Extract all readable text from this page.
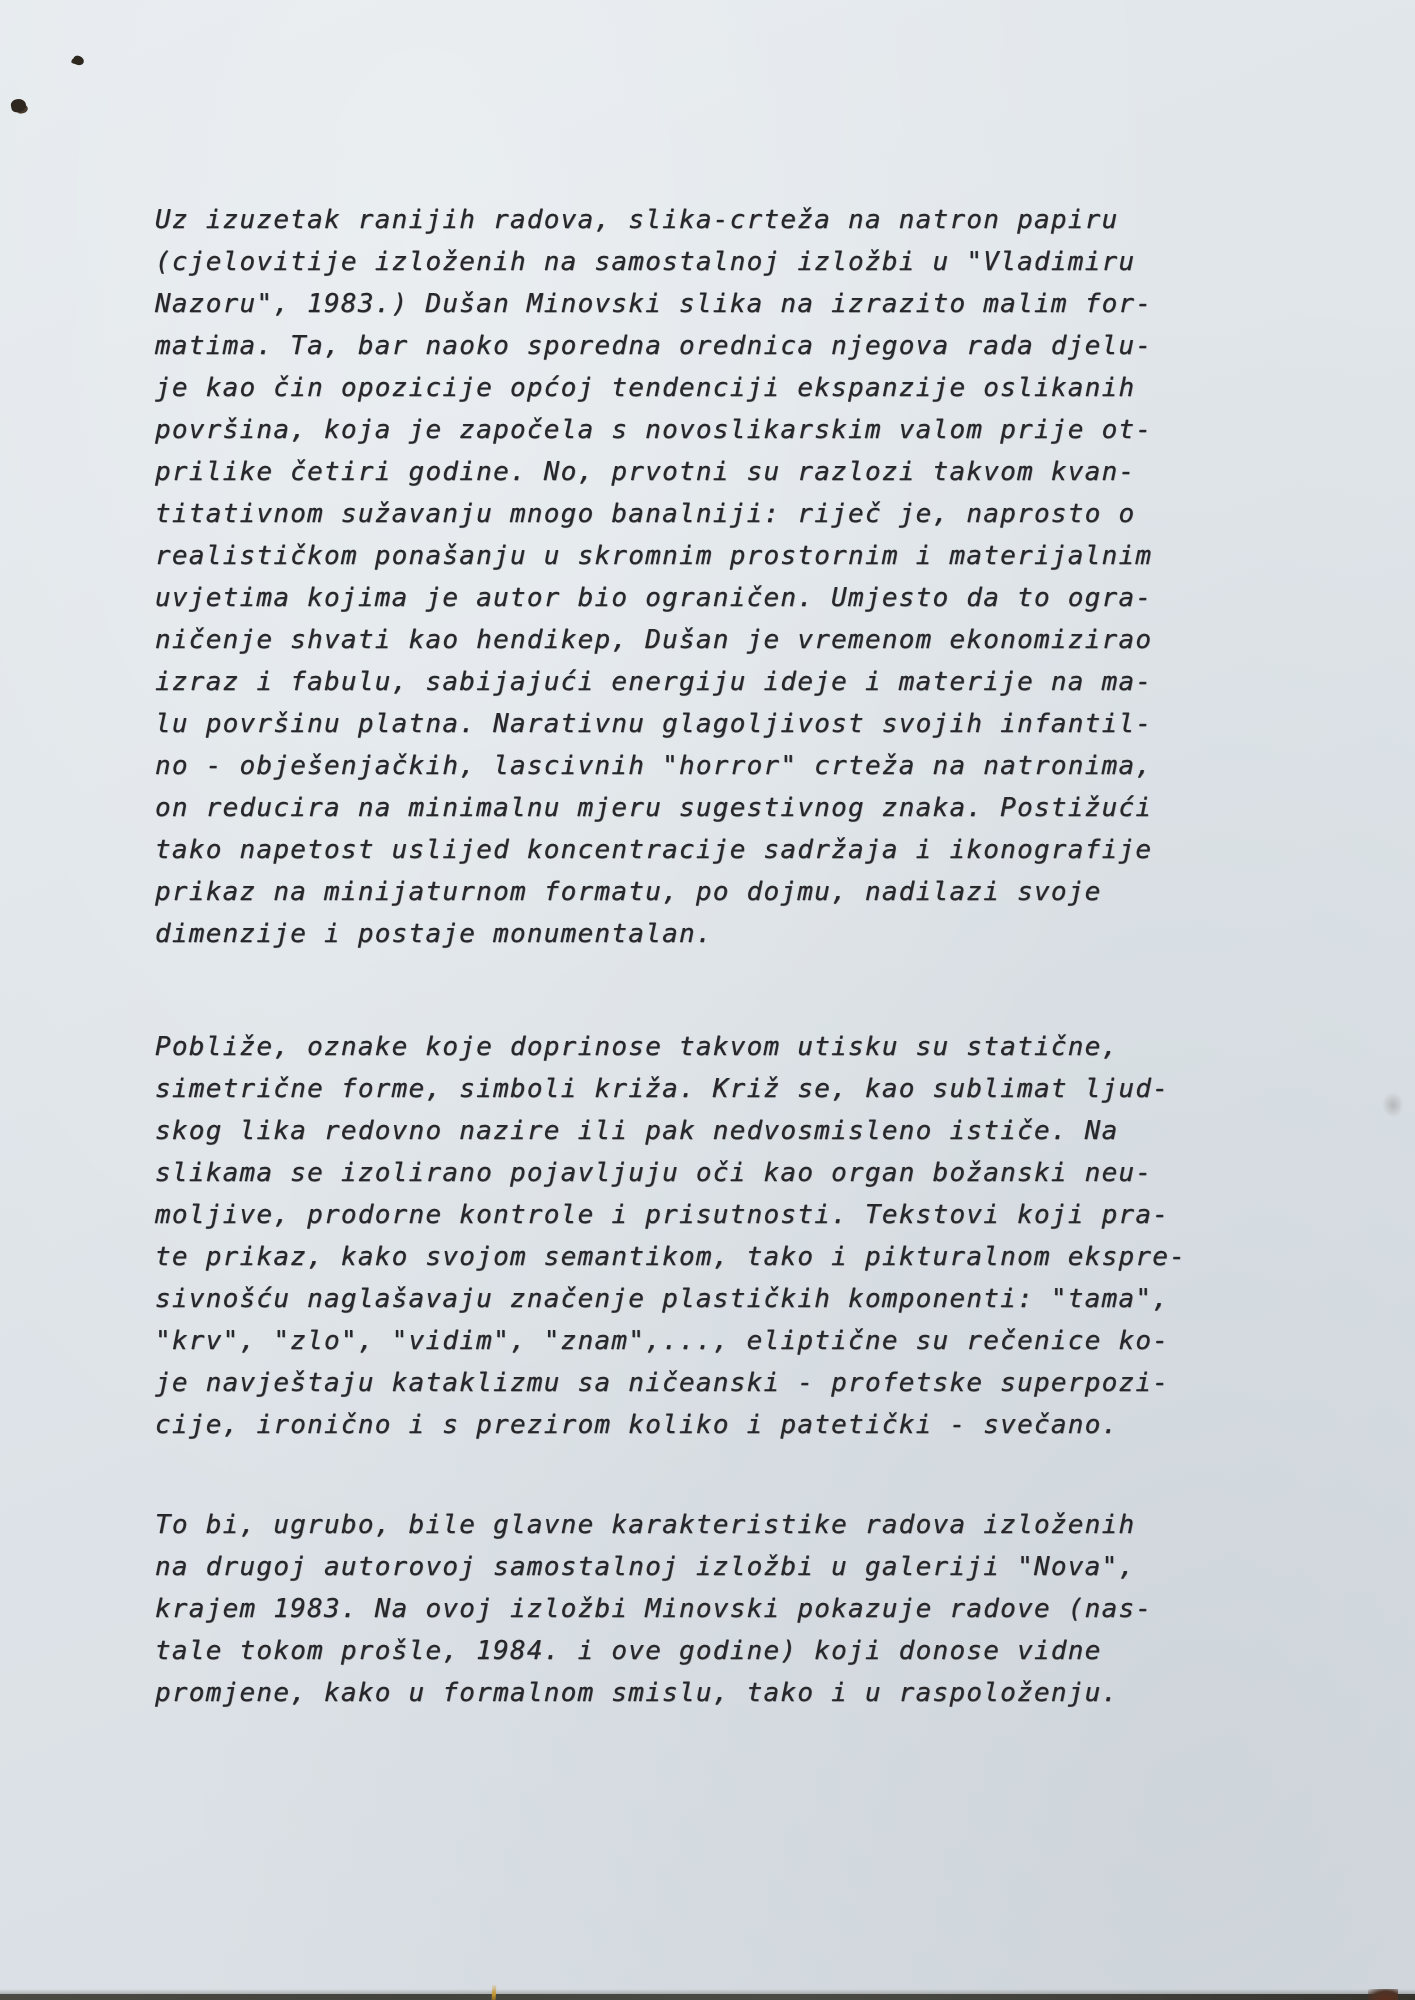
Uz izuzetak ranijih radova, slika-crteža na natron papiru
(cjelovitije izloženih na samostalnoj izložbi u "Vladimiru
Nazoru", 1983.) Dušan Minovski slika na izrazito malim for-
matima. Ta, bar naoko sporedna orednica njegova rada djelu-
je kao čin opozicije općoj tendenciji ekspanzije oslikanih
površina, koja je započela s novoslikarskim valom prije ot-
prilike četiri godine. No, prvotni su razlozi takvom kvan-
titativnom sužavanju mnogo banalniji: riječ je, naprosto o
realističkom ponašanju u skromnim prostornim i materijalnim
uvjetima kojima je autor bio ograničen. Umjesto da to ogra-
ničenje shvati kao hendikep, Dušan je vremenom ekonomizirao
izraz i fabulu, sabijajući energiju ideje i materije na ma-
lu površinu platna. Narativnu glagoljivost svojih infantil-
no - obješenjačkih, lascivnih "horror" crteža na natronima,
on reducira na minimalnu mjeru sugestivnog znaka. Postižući
tako napetost uslijed koncentracije sadržaja i ikonografije
prikaz na minijaturnom formatu, po dojmu, nadilazi svoje
dimenzije i postaje monumentalan.
Pobliže, oznake koje doprinose takvom utisku su statične,
simetrične forme, simboli križa. Križ se, kao sublimat ljud-
skog lika redovno nazire ili pak nedvosmisleno ističe. Na
slikama se izolirano pojavljuju oči kao organ božanski neu-
moljive, prodorne kontrole i prisutnosti. Tekstovi koji pra-
te prikaz, kako svojom semantikom, tako i pikturalnom ekspre-
sivnošću naglašavaju značenje plastičkih komponenti: "tama",
"krv", "zlo", "vidim", "znam",..., eliptične su rečenice ko-
je navještaju kataklizmu sa ničeanski - profetske superpozi-
cije, ironično i s prezirom koliko i patetički - svečano.
To bi, ugrubo, bile glavne karakteristike radova izloženih
na drugoj autorovoj samostalnoj izložbi u galeriji "Nova",
krajem 1983. Na ovoj izložbi Minovski pokazuje radove (nas-
tale tokom prošle, 1984. i ove godine) koji donose vidne
promjene, kako u formalnom smislu, tako i u raspoloženju.
